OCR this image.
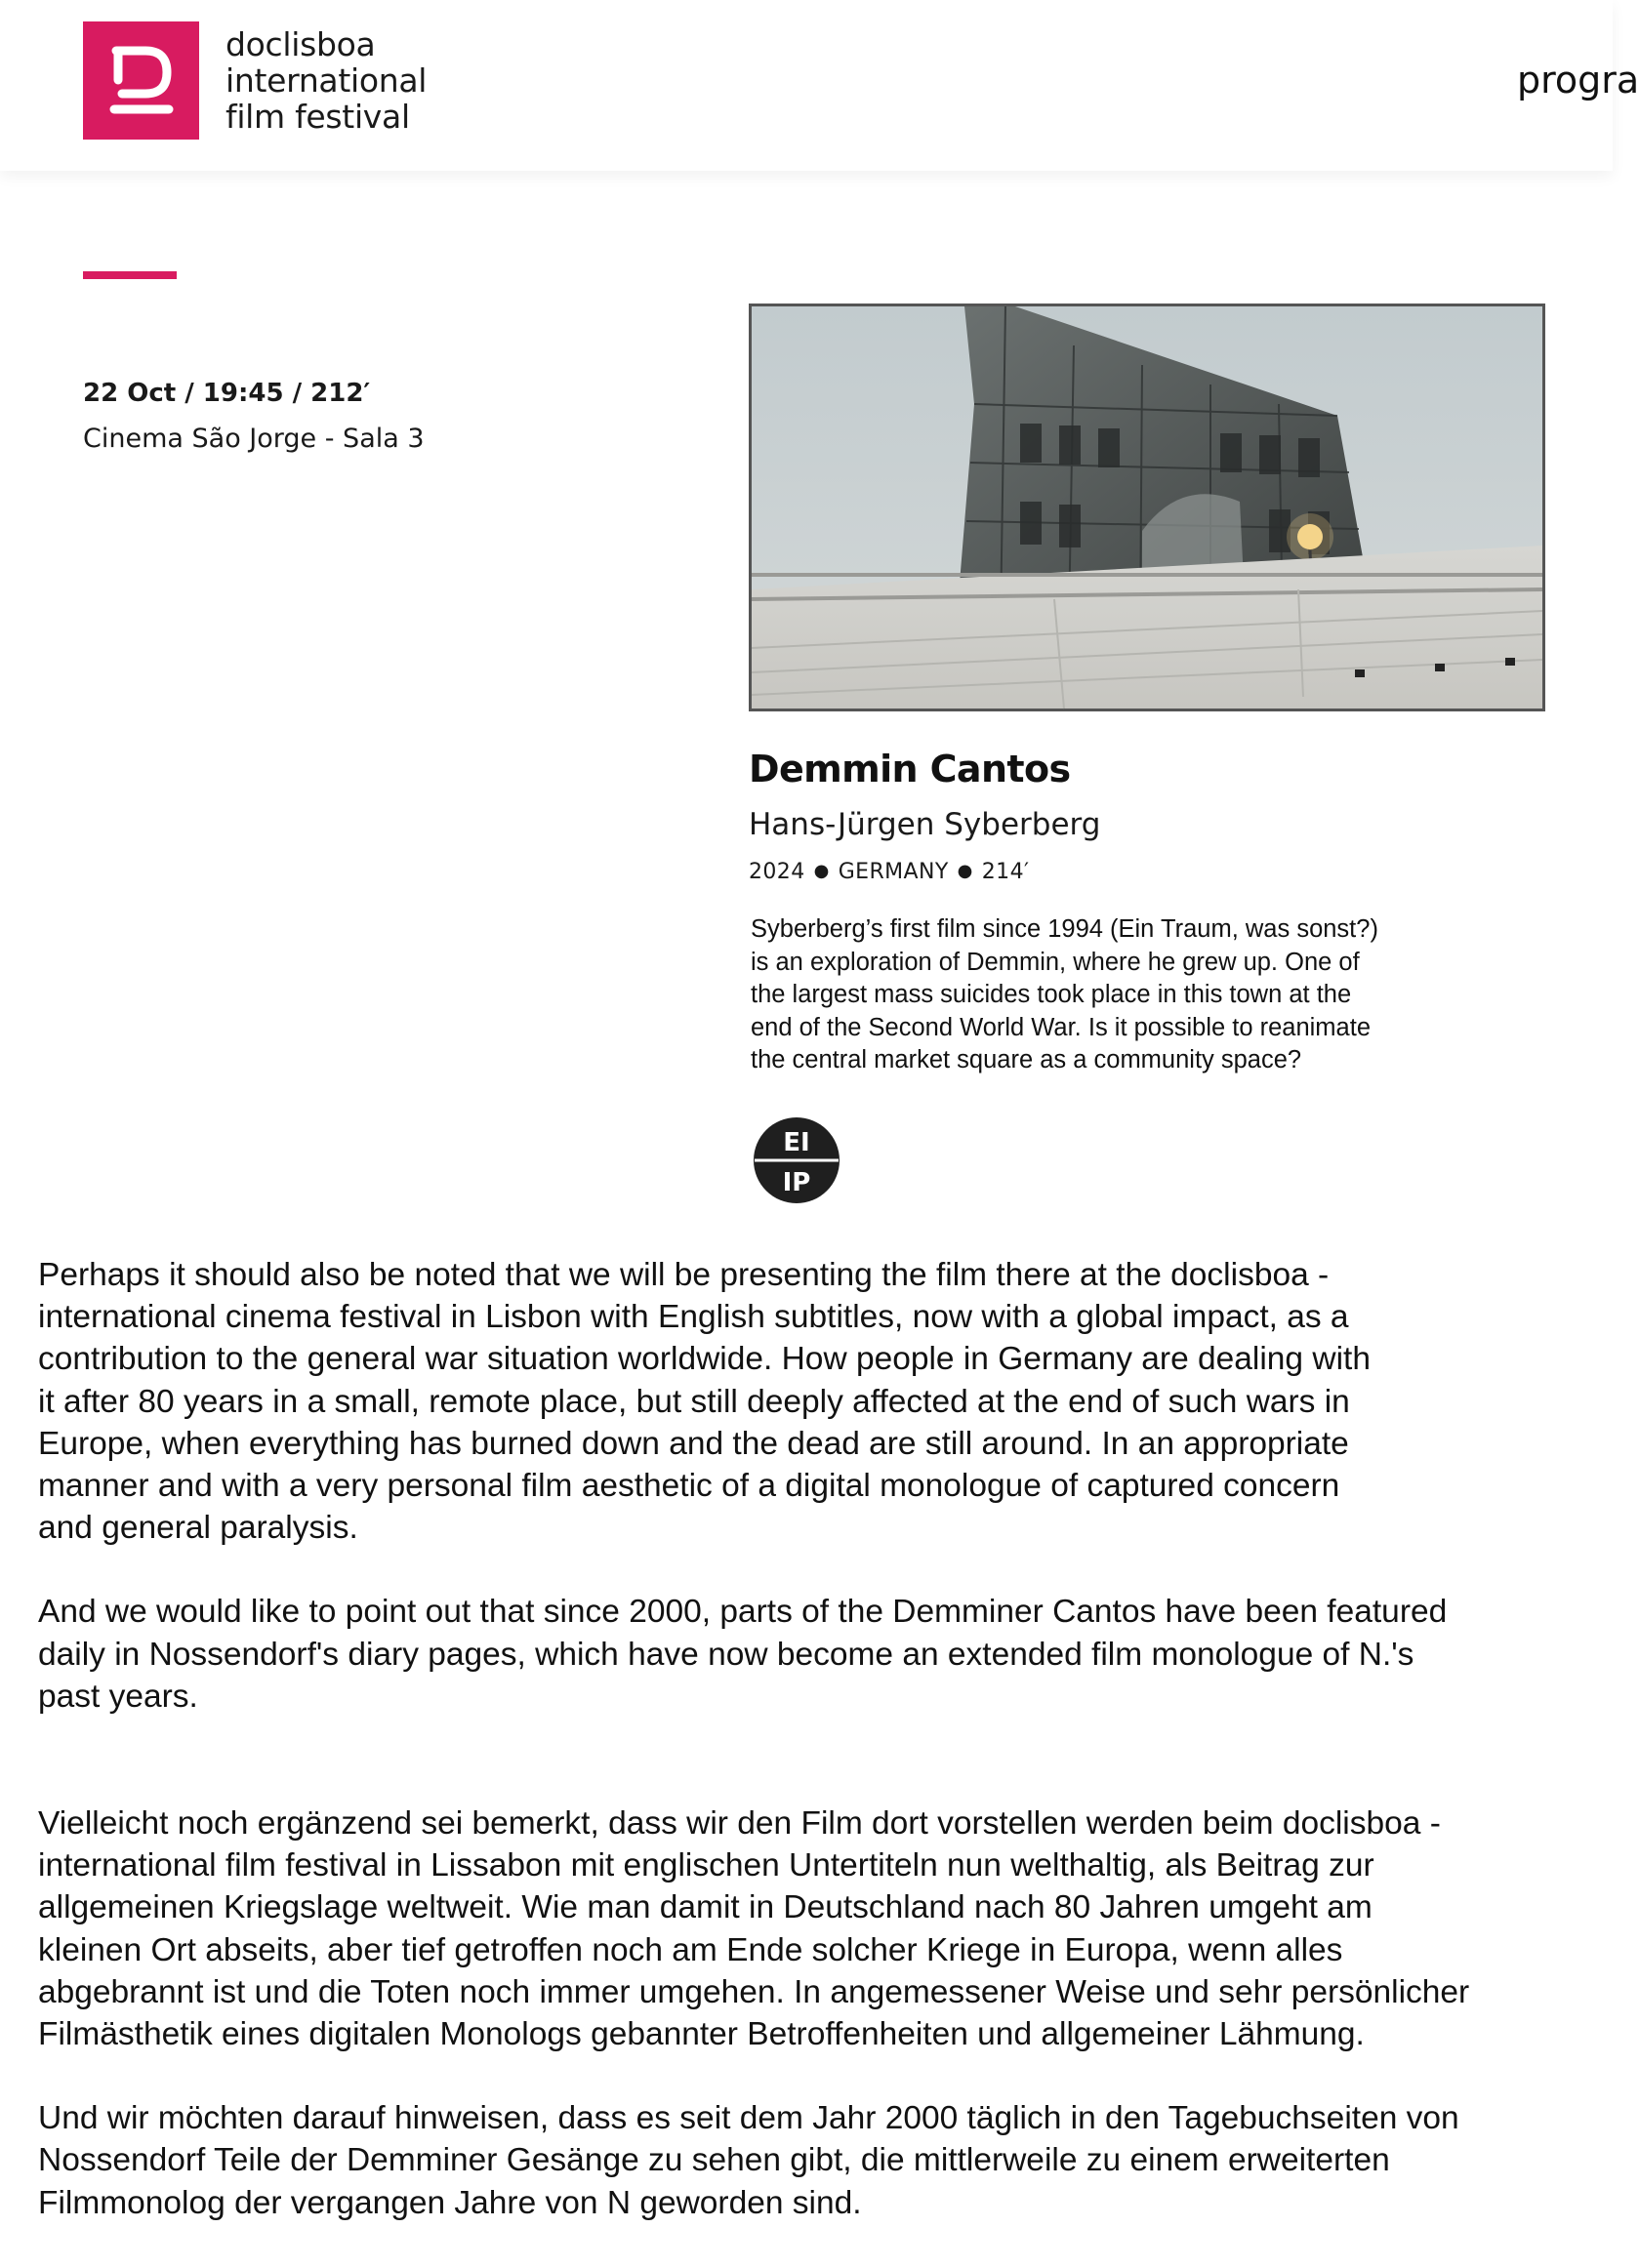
doclisboa
international
film festival
progra
22 Oct / 19:45 / 212′
Cinema São Jorge - Sala 3
Demmin Cantos
Hans-Jürgen Syberberg
2024 ● GERMANY ● 214′

Syberberg’s first film since 1994 (Ein Traum, was sonst?)
is an exploration of Demmin, where he grew up. One of
the largest mass suicides took place in this town at the
end of the Second World War. Is it possible to reanimate
the central market square as a community space?

EI
IP

Perhaps it should also be noted that we will be presenting the film there at the doclisboa -
international cinema festival in Lisbon with English subtitles, now with a global impact, as a
contribution to the general war situation worldwide. How people in Germany are dealing with
it after 80 years in a small, remote place, but still deeply affected at the end of such wars in
Europe, when everything has burned down and the dead are still around. In an appropriate
manner and with a very personal film aesthetic of a digital monologue of captured concern
and general paralysis.

And we would like to point out that since 2000, parts of the Demminer Cantos have been featured
daily in Nossendorf's diary pages, which have now become an extended film monologue of N.'s
past years.

Vielleicht noch ergänzend sei bemerkt, dass wir den Film dort vorstellen werden beim doclisboa -
international film festival in Lissabon mit englischen Untertiteln nun welthaltig, als Beitrag zur
allgemeinen Kriegslage weltweit. Wie man damit in Deutschland nach 80 Jahren umgeht am
kleinen Ort abseits, aber tief getroffen noch am Ende solcher Kriege in Europa, wenn alles
abgebrannt ist und die Toten noch immer umgehen. In angemessener Weise und sehr persönlicher
Filmästhetik eines digitalen Monologs gebannter Betroffenheiten und allgemeiner Lähmung.

Und wir möchten darauf hinweisen, dass es seit dem Jahr 2000 täglich in den Tagebuchseiten von
Nossendorf Teile der Demminer Gesänge zu sehen gibt, die mittlerweile zu einem erweiterten
Filmmonolog der vergangen Jahre von N geworden sind.
